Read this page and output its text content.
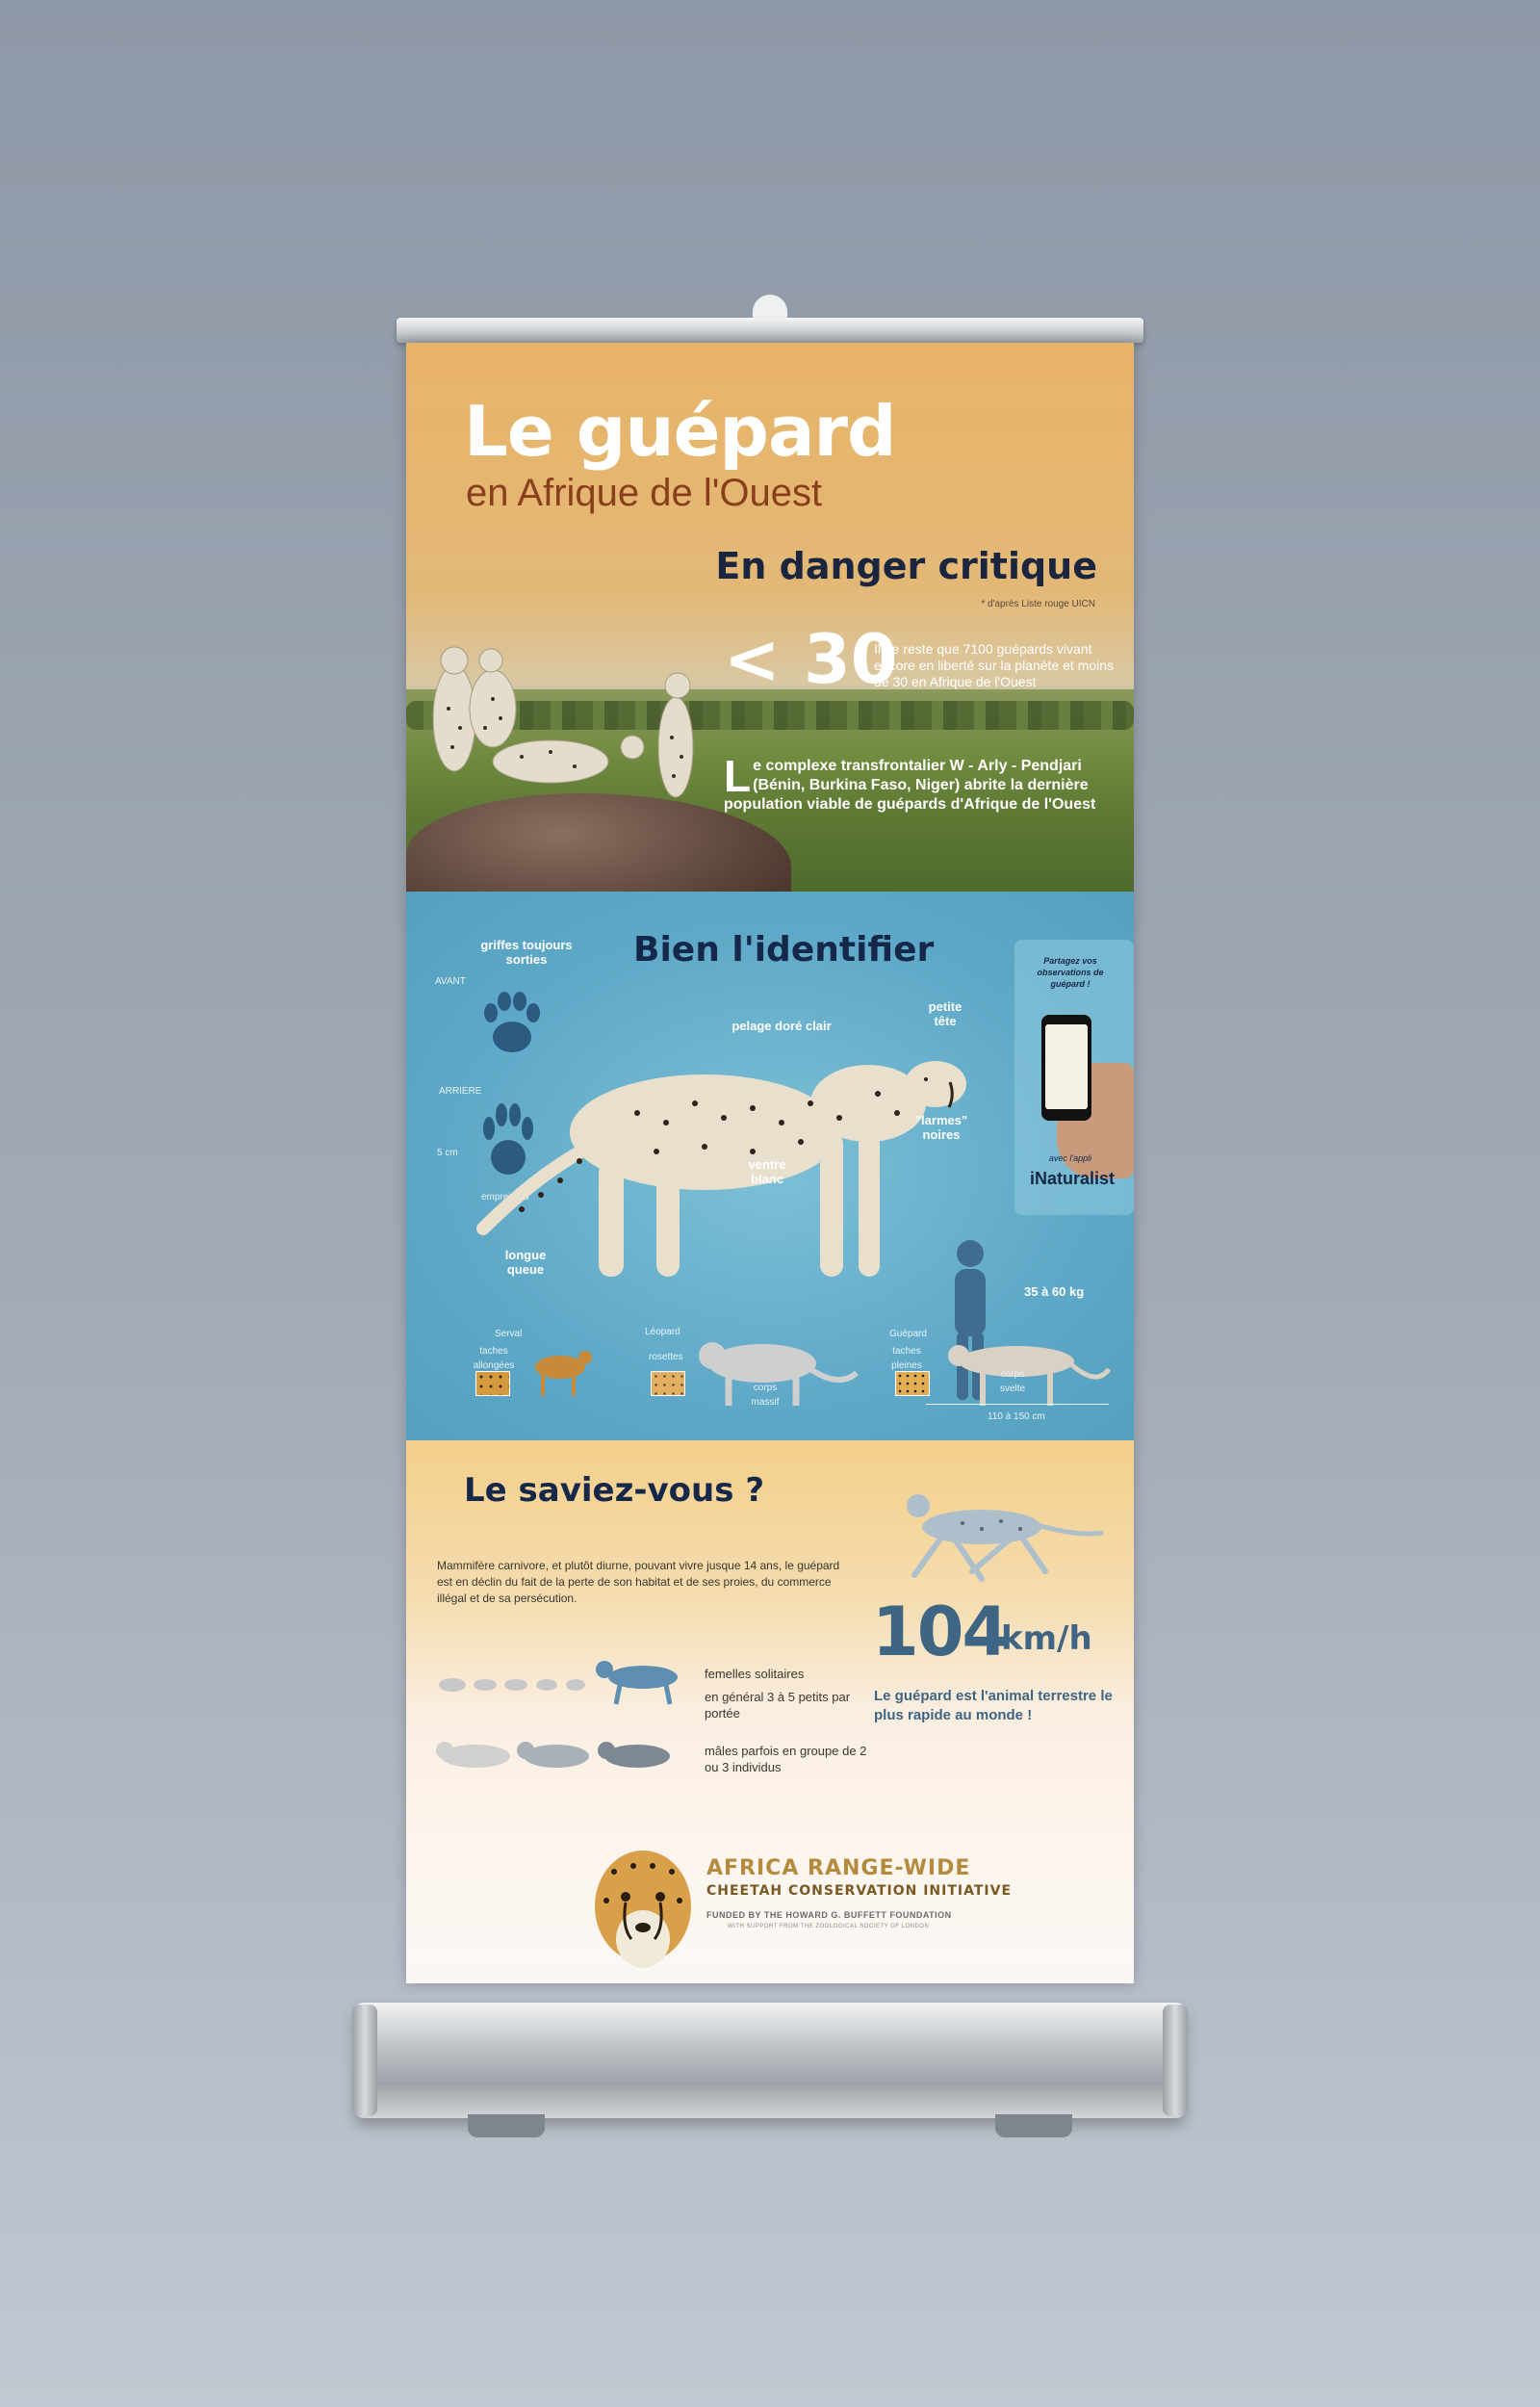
Le guépard
en Afrique de l'Ouest
En danger critique
* d'après Liste rouge UICN
< 30
Il ne reste que 7100 guépards vivant encore en liberté sur la planète et moins de 30 en Afrique de l'Ouest
Le complexe transfrontalier W - Arly - Pendjari (Bénin, Burkina Faso, Niger) abrite la dernière population viable de guépards d'Afrique de l'Ouest
Bien l'identifier
griffes toujours sorties
AVANT
ARRIERE
5 cm
empreintes
longue queue
pelage doré clair
petite tête
"larmes" noires
ventre blanc
Partagez vos observations de guépard !
avec l'appli
iNaturalist
Serval
taches allongées
Léopard
rosettes
corps massif
35 à 60 kg
Guépard
taches pleines
corps svelte
110 à 150 cm
Le saviez-vous ?
Mammifère carnivore, et plutôt diurne, pouvant vivre jusque 14 ans, le guépard est en déclin du fait de la perte de son habitat et de ses proies, du commerce illégal et de sa persécution.	104
km/h
Le guépard est l'animal terrestre le plus rapide au monde !
femelles solitaires
en général 3 à 5 petits par portée
mâles parfois en groupe de 2 ou 3 individus
AFRICA RANGE-WIDE
CHEETAH CONSERVATION INITIATIVE
FUNDED BY THE HOWARD G. BUFFETT FOUNDATION
WITH SUPPORT FROM THE ZOOLOGICAL SOCIETY OF LONDON
